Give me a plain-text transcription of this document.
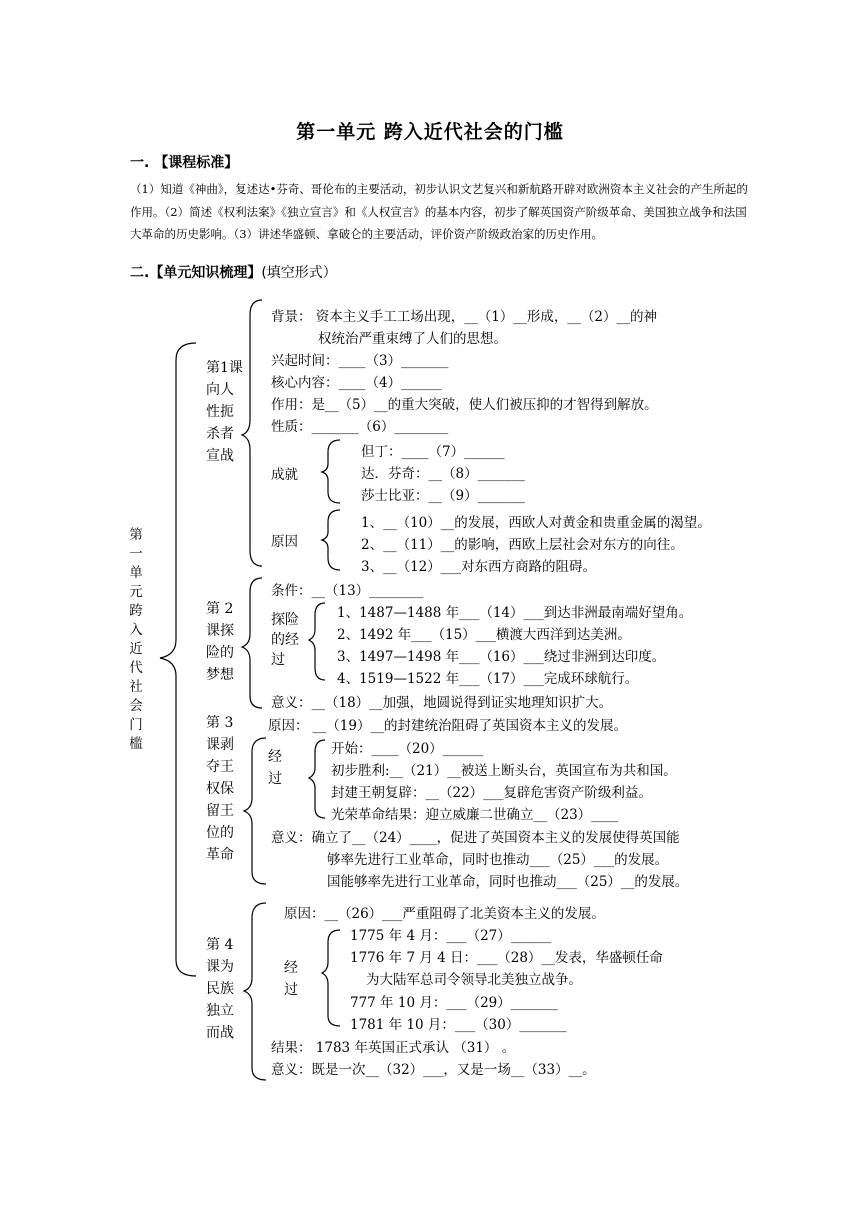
第一单元 跨入近代社会的门槛
一. 【课程标准】
（1）知道《神曲》，复述达•芬奇、哥伦布的主要活动，初步认识文艺复兴和新航路开辟对欧洲资本主义社会的产生所起的作用。（2）简述《权利法案》《独立宣言》和《人权宣言》的基本内容，初步了解英国资产阶级革命、美国独立战争和法国大革命的历史影响。（3）讲述华盛顿、拿破仑的主要活动，评价资产阶级政治家的历史作用。
二.【单元知识梳理】(填空形式）
第一单元跨入近代社会门槛
第1课向人性扼杀者宣战
第 2 课探险的梦想
第 3 课剥夺王权保留王位的革命
第 4 课为民族独立而战
背景： 资本主义手工工场出现，__（1）__形成，__（2）__的神
权统治严重束缚了人们的思想。
兴起时间：____（3）_______
核心内容：____（4）______
作用：是__（5）__的重大突破，使人们被压抑的才智得到解放。
性质：_______（6）________
成就
但丁：____（7）______
达．芬奇：__（8）_______
莎士比亚：__（9）_______
原因
1、__（10）__的发展，西欧人对黄金和贵重金属的渴望。
2、__（11）__的影响，西欧上层社会对东方的向往。
3、__（12）___对东西方商路的阻碍。
条件：__（13）________
探险的经过
1、1487—1488 年___（14）___到达非洲最南端好望角。
2、1492 年___（15）___横渡大西洋到达美洲。
3、1497—1498 年___（16）___绕过非洲到达印度。
4、1519—1522 年___（17）___完成环球航行。
意义：__（18）__加强，地圆说得到证实地理知识扩大。
原因： __（19）__的封建统治阻碍了英国资本主义的发展。
经过
开始：____（20）______
初步胜利:__（21）__被送上断头台，英国宣布为共和国。
封建王朝复辟：__（22）___复辟危害资产阶级利益。
光荣革命结果：迎立威廉二世确立__（23）____
意义：确立了__（24）____，促进了英国资本主义的发展使得英国能
够率先进行工业革命，同时也推动___（25）___的发展。
国能够率先进行工业革命，同时也推动___（25）__的发展。
原因：__（26）___严重阻碍了北美资本主义的发展。
1775 年 4 月：___（27）______
1776 年 7 月 4 日：___（28）__发表，华盛顿任命
为大陆军总司令领导北美独立战争。
经过
777 年 10 月：___（29）_______
1781 年 10 月：___（30）_______
结果： 1783 年英国正式承认 （31） 。
意义：既是一次__（32）___，又是一场__（33）__。
